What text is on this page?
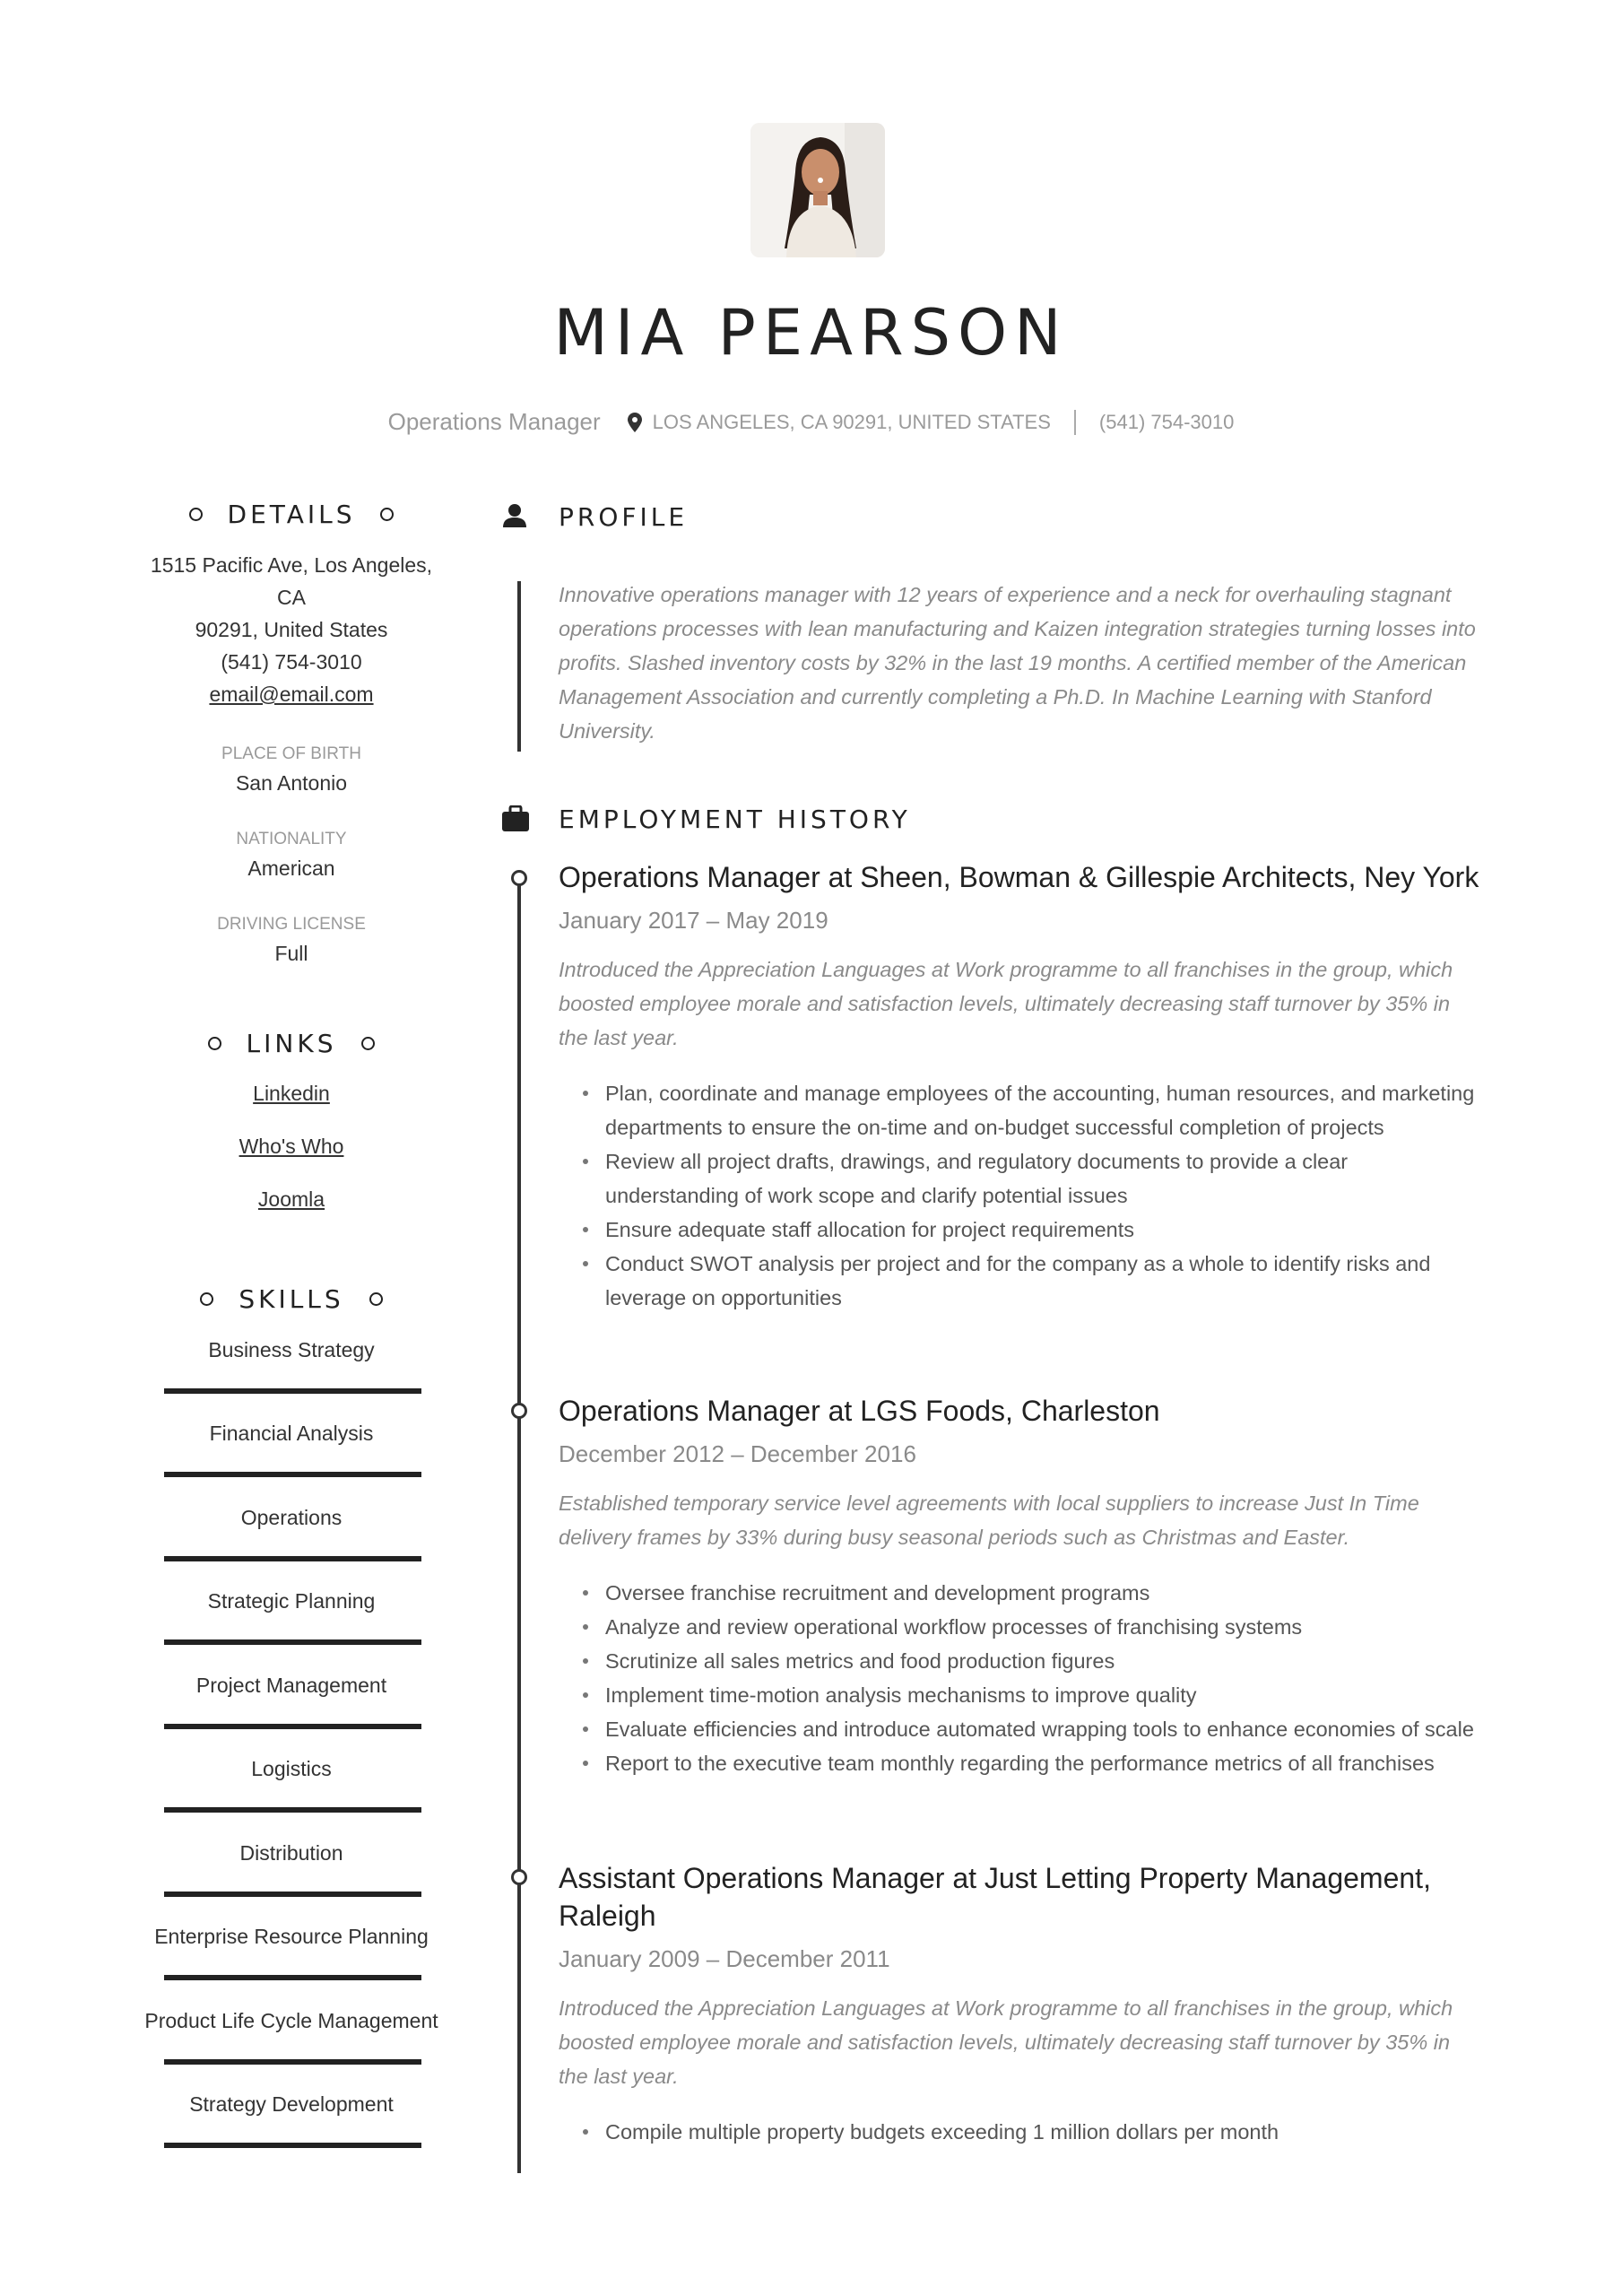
MIA PEARSON
Operations Manager	LOS ANGELES, CA 90291, UNITED STATES (541) 754-3010
DETAILS
1515 Pacific Ave, Los Angeles, CA
90291, United States
(541) 754-3010
email@email.com
PLACE OF BIRTH
San Antonio
NATIONALITY
American
DRIVING LICENSE
Full
LINKS
Linkedin
Who's Who
Joomla
SKILLS
Business Strategy
Financial Analysis
Operations
Strategic Planning
Project Management
Logistics
Distribution
Enterprise Resource Planning
Product Life Cycle Management
Strategy Development
PROFILE
Innovative operations manager with 12 years of experience and a neck for overhauling stagnant operations processes with lean manufacturing and Kaizen integration strategies turning losses into profits. Slashed inventory costs by 32% in the last 19 months. A certified member of the American Management Association and currently completing a Ph.D. In Machine Learning with Stanford University.
EMPLOYMENT HISTORY
Operations Manager at Sheen, Bowman & Gillespie Architects, Ney York
January 2017 – May 2019
Introduced the Appreciation Languages at Work programme to all franchises in the group, which boosted employee morale and satisfaction levels, ultimately decreasing staff turnover by 35% in the last year.
Plan, coordinate and manage employees of the accounting, human resources, and marketing departments to ensure the on-time and on-budget successful completion of projects
Review all project drafts, drawings, and regulatory documents to provide a clear understanding of work scope and clarify potential issues
Ensure adequate staff allocation for project requirements
Conduct SWOT analysis per project and for the company as a whole to identify risks and leverage on opportunities
Operations Manager at LGS Foods, Charleston
December 2012 – December 2016
Established temporary service level agreements with local suppliers to increase Just In Time delivery frames by 33% during busy seasonal periods such as Christmas and Easter.
Oversee franchise recruitment and development programs
Analyze and review operational workflow processes of franchising systems
Scrutinize all sales metrics and food production figures
Implement time-motion analysis mechanisms to improve quality
Evaluate efficiencies and introduce automated wrapping tools to enhance economies of scale
Report to the executive team monthly regarding the performance metrics of all franchises
Assistant Operations Manager at Just Letting Property Management, Raleigh
January 2009 – December 2011
Introduced the Appreciation Languages at Work programme to all franchises in the group, which boosted employee morale and satisfaction levels, ultimately decreasing staff turnover by 35% in the last year.
Compile multiple property budgets exceeding 1 million dollars per month
